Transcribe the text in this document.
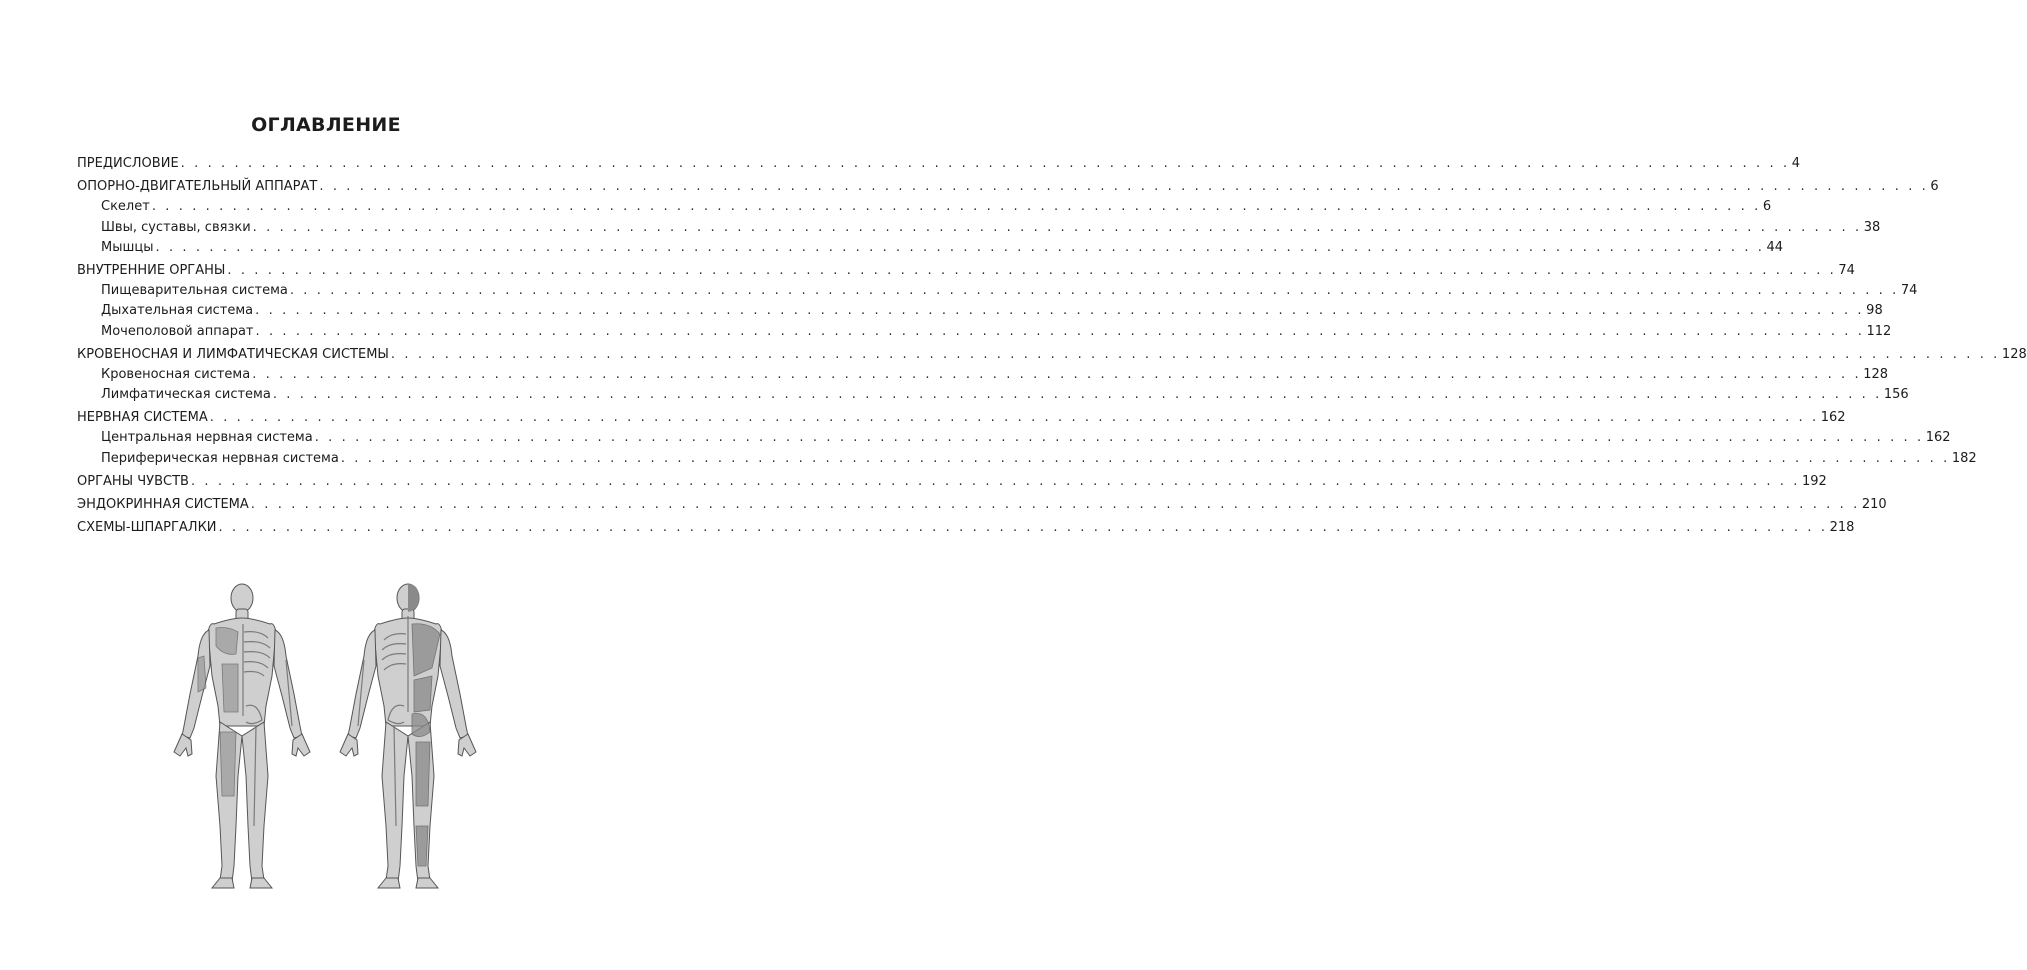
ОГЛАВЛЕНИЕ
ПРЕДИСЛОВИЕ . . . . . . . . . . . . . . . . . . . . . . . . . . . . . . . . . . . . . . . . . . . . . . . . . . . . . . . . . . . . . . . . . . . . . . . . . . . . . . . . . . . . . . . . . . . . . . . . . . . . . . . . . . . . . . . . . . . . . . . . 4
ОПОРНО-ДВИГАТЕЛЬНЫЙ АППАРАТ . . . . . . . . . . . . . . . . . . . . . . . . . . . . . . . . . . . . . . . . . . . . . . . . . . . . . . . . . . . . . . . . . . . . . . . . . . . . . . . . . . . . . . . . . . . . . . . . . . . . . . . . . . . . . . . . . . . . . . . . 6
Скелет . . . . . . . . . . . . . . . . . . . . . . . . . . . . . . . . . . . . . . . . . . . . . . . . . . . . . . . . . . . . . . . . . . . . . . . . . . . . . . . . . . . . . . . . . . . . . . . . . . . . . . . . . . . . . . . . . . . . . . . . 6
Швы, суставы, связки . . . . . . . . . . . . . . . . . . . . . . . . . . . . . . . . . . . . . . . . . . . . . . . . . . . . . . . . . . . . . . . . . . . . . . . . . . . . . . . . . . . . . . . . . . . . . . . . . . . . . . . . . . . . . . . . . . . . . . . . 38
Мышцы . . . . . . . . . . . . . . . . . . . . . . . . . . . . . . . . . . . . . . . . . . . . . . . . . . . . . . . . . . . . . . . . . . . . . . . . . . . . . . . . . . . . . . . . . . . . . . . . . . . . . . . . . . . . . . . . . . . . . . . . 44
ВНУТРЕННИЕ ОРГАНЫ . . . . . . . . . . . . . . . . . . . . . . . . . . . . . . . . . . . . . . . . . . . . . . . . . . . . . . . . . . . . . . . . . . . . . . . . . . . . . . . . . . . . . . . . . . . . . . . . . . . . . . . . . . . . . . . . . . . . . . . . 74
Пищеварительная система . . . . . . . . . . . . . . . . . . . . . . . . . . . . . . . . . . . . . . . . . . . . . . . . . . . . . . . . . . . . . . . . . . . . . . . . . . . . . . . . . . . . . . . . . . . . . . . . . . . . . . . . . . . . . . . . . . . . . . . . 74
Дыхательная система . . . . . . . . . . . . . . . . . . . . . . . . . . . . . . . . . . . . . . . . . . . . . . . . . . . . . . . . . . . . . . . . . . . . . . . . . . . . . . . . . . . . . . . . . . . . . . . . . . . . . . . . . . . . . . . . . . . . . . . . 98
Мочеполовой аппарат . . . . . . . . . . . . . . . . . . . . . . . . . . . . . . . . . . . . . . . . . . . . . . . . . . . . . . . . . . . . . . . . . . . . . . . . . . . . . . . . . . . . . . . . . . . . . . . . . . . . . . . . . . . . . . . . . . . . . . . . 112
КРОВЕНОСНАЯ И ЛИМФАТИЧЕСКАЯ СИСТЕМЫ . . . . . . . . . . . . . . . . . . . . . . . . . . . . . . . . . . . . . . . . . . . . . . . . . . . . . . . . . . . . . . . . . . . . . . . . . . . . . . . . . . . . . . . . . . . . . . . . . . . . . . . . . . . . . . . . . . . . . . . . 128
Кровеносная система . . . . . . . . . . . . . . . . . . . . . . . . . . . . . . . . . . . . . . . . . . . . . . . . . . . . . . . . . . . . . . . . . . . . . . . . . . . . . . . . . . . . . . . . . . . . . . . . . . . . . . . . . . . . . . . . . . . . . . . . 128
Лимфатическая система . . . . . . . . . . . . . . . . . . . . . . . . . . . . . . . . . . . . . . . . . . . . . . . . . . . . . . . . . . . . . . . . . . . . . . . . . . . . . . . . . . . . . . . . . . . . . . . . . . . . . . . . . . . . . . . . . . . . . . . . 156
НЕРВНАЯ СИСТЕМА . . . . . . . . . . . . . . . . . . . . . . . . . . . . . . . . . . . . . . . . . . . . . . . . . . . . . . . . . . . . . . . . . . . . . . . . . . . . . . . . . . . . . . . . . . . . . . . . . . . . . . . . . . . . . . . . . . . . . . . . 162
Центральная нервная система . . . . . . . . . . . . . . . . . . . . . . . . . . . . . . . . . . . . . . . . . . . . . . . . . . . . . . . . . . . . . . . . . . . . . . . . . . . . . . . . . . . . . . . . . . . . . . . . . . . . . . . . . . . . . . . . . . . . . . . . 162
Периферическая нервная система . . . . . . . . . . . . . . . . . . . . . . . . . . . . . . . . . . . . . . . . . . . . . . . . . . . . . . . . . . . . . . . . . . . . . . . . . . . . . . . . . . . . . . . . . . . . . . . . . . . . . . . . . . . . . . . . . . . . . . . . 182
ОРГАНЫ ЧУВСТВ . . . . . . . . . . . . . . . . . . . . . . . . . . . . . . . . . . . . . . . . . . . . . . . . . . . . . . . . . . . . . . . . . . . . . . . . . . . . . . . . . . . . . . . . . . . . . . . . . . . . . . . . . . . . . . . . . . . . . . . . 192
ЭНДОКРИННАЯ СИСТЕМА . . . . . . . . . . . . . . . . . . . . . . . . . . . . . . . . . . . . . . . . . . . . . . . . . . . . . . . . . . . . . . . . . . . . . . . . . . . . . . . . . . . . . . . . . . . . . . . . . . . . . . . . . . . . . . . . . . . . . . . . 210
СХЕМЫ-ШПАРГАЛКИ . . . . . . . . . . . . . . . . . . . . . . . . . . . . . . . . . . . . . . . . . . . . . . . . . . . . . . . . . . . . . . . . . . . . . . . . . . . . . . . . . . . . . . . . . . . . . . . . . . . . . . . . . . . . . . . . . . . . . . . . 218
